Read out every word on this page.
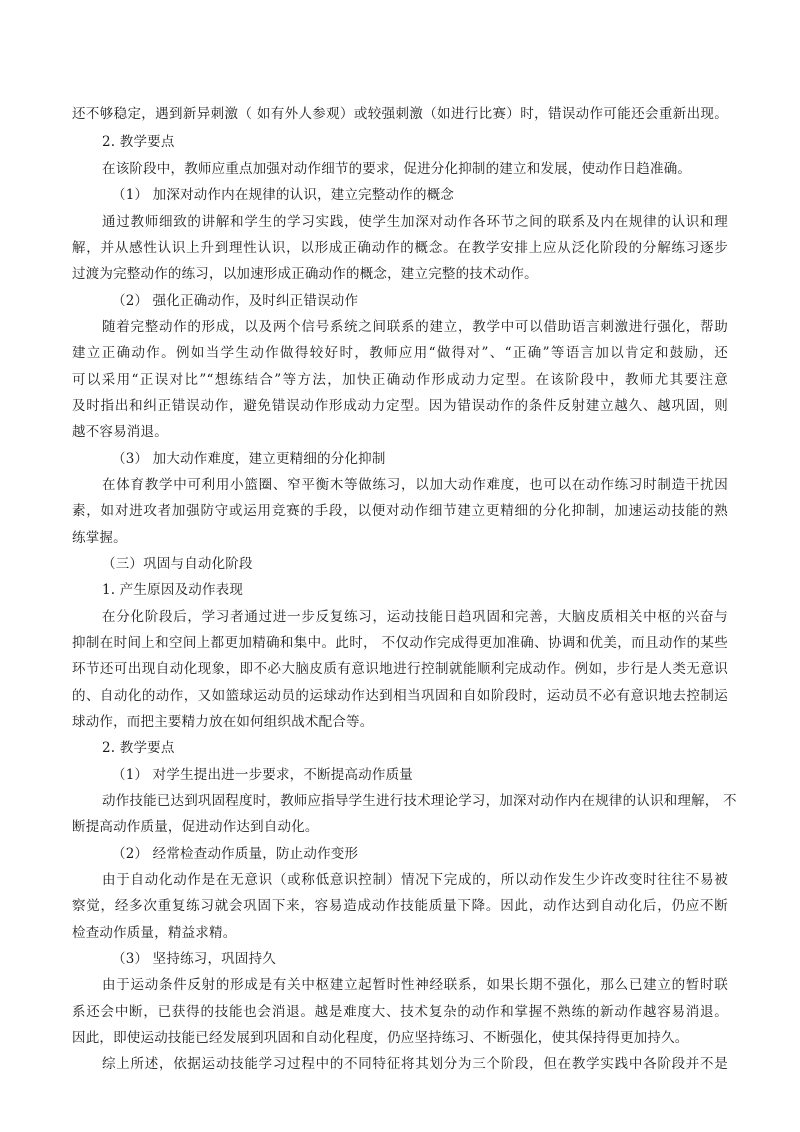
还不够稳定，遇到新异刺激（ 如有外人参观）或较强刺激（如进行比赛）时，错误动作可能还会重新出现。
2. 教学要点
在该阶段中，教师应重点加强对动作细节的要求，促进分化抑制的建立和发展，使动作日趋准确。
（1） 加深对动作内在规律的认识，建立完整动作的概念
通过教师细致的讲解和学生的学习实践，使学生加深对动作各环节之间的联系及内在规律的认识和理
解，并从感性认识上升到理性认识，以形成正确动作的概念。在教学安排上应从泛化阶段的分解练习逐步
过渡为完整动作的练习，以加速形成正确动作的概念，建立完整的技术动作。
（2） 强化正确动作，及时纠正错误动作
随着完整动作的形成，以及两个信号系统之间联系的建立，教学中可以借助语言刺激进行强化，帮助
建立正确动作。例如当学生动作做得较好时，教师应用“做得对”、“正确”等语言加以肯定和鼓励，还
可以采用“正误对比”“想练结合”等方法，加快正确动作形成动力定型。在该阶段中，教师尤其要注意
及时指出和纠正错误动作，避免错误动作形成动力定型。因为错误动作的条件反射建立越久、越巩固，则
越不容易消退。
（3） 加大动作难度，建立更精细的分化抑制
在体育教学中可利用小篮圈、窄平衡木等做练习，以加大动作难度，也可以在动作练习时制造干扰因
素，如对进攻者加强防守或运用竞赛的手段，以便对动作细节建立更精细的分化抑制，加速运动技能的熟
练掌握。
（三）巩固与自动化阶段
1. 产生原因及动作表现
在分化阶段后，学习者通过进一步反复练习，运动技能日趋巩固和完善，大脑皮质相关中枢的兴奋与
抑制在时间上和空间上都更加精确和集中。此时， 不仅动作完成得更加准确、协调和优美，而且动作的某些
环节还可出现自动化现象，即不必大脑皮质有意识地进行控制就能顺利完成动作。例如，步行是人类无意识
的、自动化的动作，又如篮球运动员的运球动作达到相当巩固和自如阶段时，运动员不必有意识地去控制运
球动作，而把主要精力放在如何组织战术配合等。
2. 教学要点
（1） 对学生提出进一步要求，不断提高动作质量
动作技能已达到巩固程度时，教师应指导学生进行技术理论学习，加深对动作内在规律的认识和理解， 不
断提高动作质量，促进动作达到自动化。
（2） 经常检查动作质量，防止动作变形
由于自动化动作是在无意识（或称低意识控制）情况下完成的，所以动作发生少许改变时往往不易被
察觉，经多次重复练习就会巩固下来，容易造成动作技能质量下降。因此，动作达到自动化后，仍应不断
检查动作质量，精益求精。
（3） 坚持练习，巩固持久
由于运动条件反射的形成是有关中枢建立起暂时性神经联系，如果长期不强化，那么已建立的暂时联
系还会中断，已获得的技能也会消退。越是难度大、技术复杂的动作和掌握不熟练的新动作越容易消退。
因此，即使运动技能已经发展到巩固和自动化程度，仍应坚持练习、不断强化，使其保持得更加持久。
综上所述，依据运动技能学习过程中的不同特征将其划分为三个阶段，但在教学实践中各阶段并不是
